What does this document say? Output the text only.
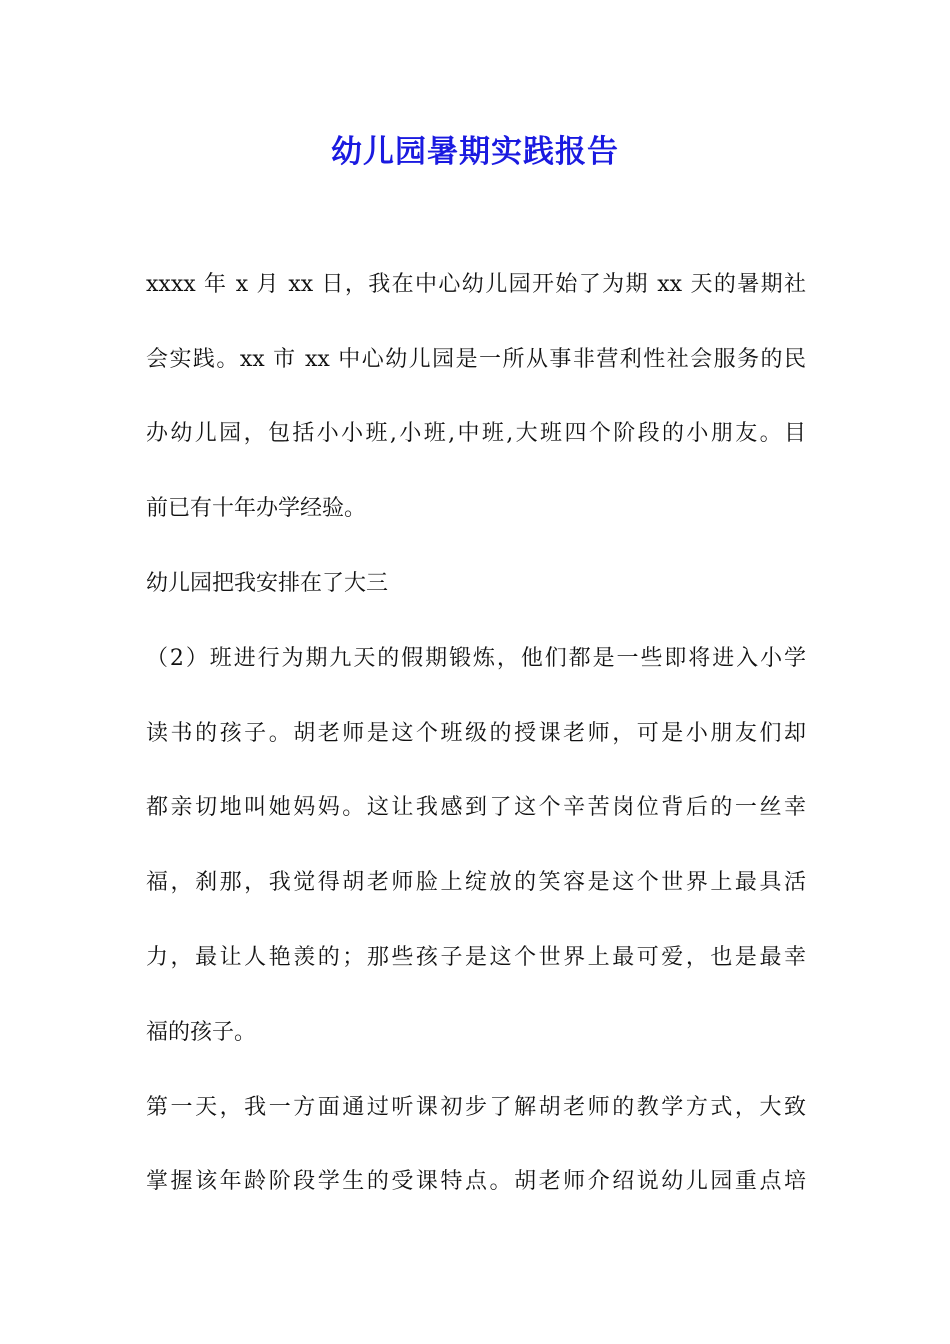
幼儿园暑期实践报告
xxxx 年 x 月 xx 日，我在中心幼儿园开始了为期 xx 天的暑期社
会实践。xx 市 xx 中心幼儿园是一所从事非营利性社会服务的民
办幼儿园，包括小小班,小班,中班,大班四个阶段的小朋友。目
前已有十年办学经验。
幼儿园把我安排在了大三
（2）班进行为期九天的假期锻炼，他们都是一些即将进入小学
读书的孩子。胡老师是这个班级的授课老师，可是小朋友们却
都亲切地叫她妈妈。这让我感到了这个辛苦岗位背后的一丝幸
福，刹那，我觉得胡老师脸上绽放的笑容是这个世界上最具活
力，最让人艳羡的；那些孩子是这个世界上最可爱，也是最幸
福的孩子。
第一天，我一方面通过听课初步了解胡老师的教学方式，大致
掌握该年龄阶段学生的受课特点。胡老师介绍说幼儿园重点培
